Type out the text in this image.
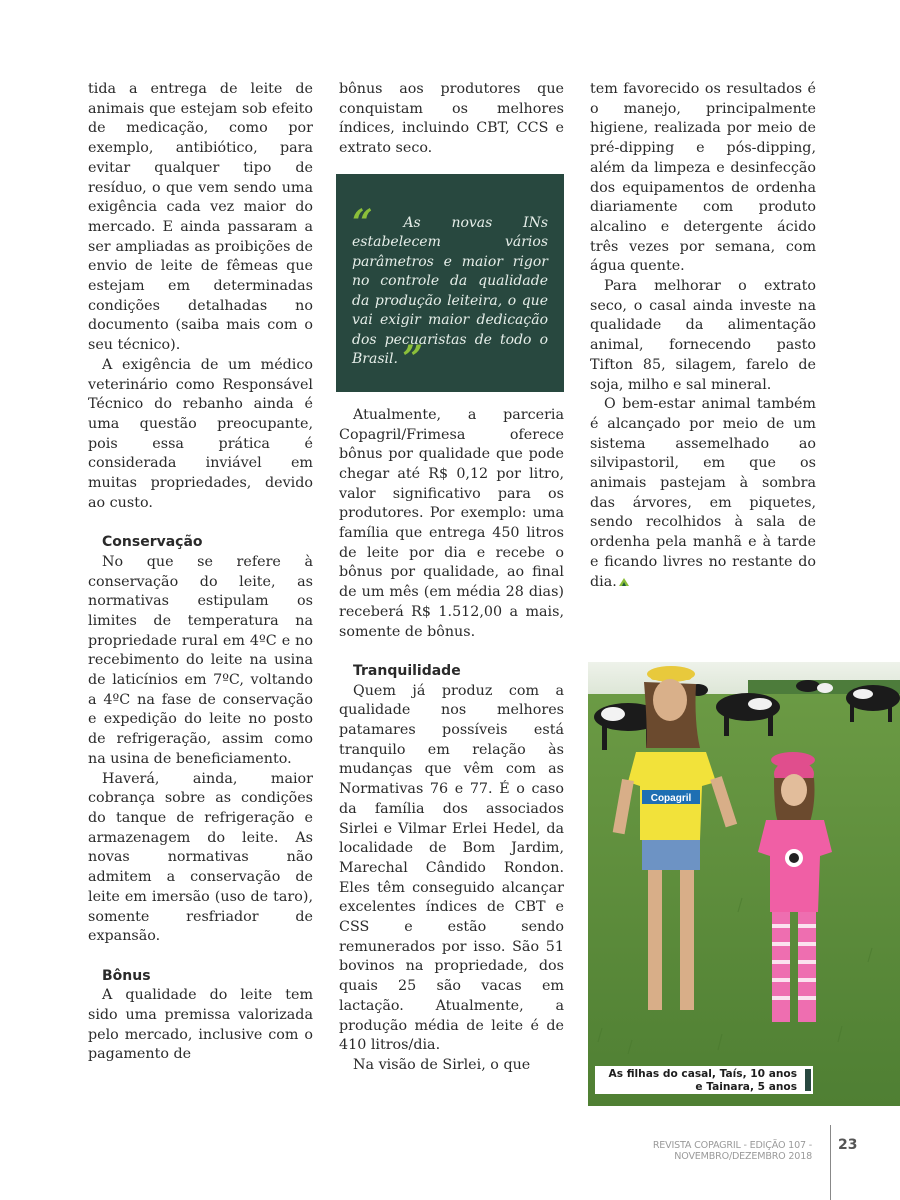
tida a entrega de leite de animais que estejam sob efeito de medicação, como por exemplo, antibiótico, para evitar qualquer tipo de resíduo, o que vem sendo uma exigência cada vez maior do mercado. E ainda passaram a ser ampliadas as proibições de envio de leite de fêmeas que estejam em determinadas condições detalhadas no documento (saiba mais com o seu técnico).

A exigência de um médico veterinário como Responsável Técnico do rebanho ainda é uma questão preocupante, pois essa prática é considerada inviável em muitas propriedades, devido ao custo.

Conservação

No que se refere à conservação do leite, as normativas estipulam os limites de temperatura na propriedade rural em 4ºC e no recebimento do leite na usina de laticínios em 7ºC, voltando a 4ºC na fase de conservação e expedição do leite no posto de refrigeração, assim como na usina de beneficiamento.

Haverá, ainda, maior cobrança sobre as condições do tanque de refrigeração e armazenagem do leite. As novas normativas não admitem a conservação de leite em imersão (uso de taro), somente resfriador de expansão.

Bônus

A qualidade do leite tem sido uma premissa valorizada pelo mercado, inclusive com o pagamento de

bônus aos produtores que conquistam os melhores índices, incluindo CBT, CCS e extrato seco.

“ As novas INs estabelecem vários parâmetros e maior rigor no controle da qualidade da produção leiteira, o que vai exigir maior dedicação dos pecuaristas de todo o Brasil. ”

Atualmente, a parceria Copagril/Frimesa oferece bônus por qualidade que pode chegar até R$ 0,12 por litro, valor significativo para os produtores. Por exemplo: uma família que entrega 450 litros de leite por dia e recebe o bônus por qualidade, ao final de um mês (em média 28 dias) receberá R$ 1.512,00 a mais, somente de bônus.

Tranquilidade

Quem já produz com a qualidade nos melhores patamares possíveis está tranquilo em relação às mudanças que vêm com as Normativas 76 e 77. É o caso da família dos associados Sirlei e Vilmar Erlei Hedel, da localidade de Bom Jardim, Marechal Cândido Rondon. Eles têm conseguido alcançar excelentes índices de CBT e CSS e estão sendo remunerados por isso. São 51 bovinos na propriedade, dos quais 25 são vacas em lactação. Atualmente, a produção média de leite é de 410 litros/dia.

Na visão de Sirlei, o que

tem favorecido os resultados é o manejo, principalmente higiene, realizada por meio de pré-dipping e pós-dipping, além da limpeza e desinfecção dos equipamentos de ordenha diariamente com produto alcalino e detergente ácido três vezes por semana, com água quente.

Para melhorar o extrato seco, o casal ainda investe na qualidade da alimentação animal, fornecendo pasto Tifton 85, silagem, farelo de soja, milho e sal mineral.

O bem-estar animal também é alcançado por meio de um sistema assemelhado ao silvipastoril, em que os animais pastejam à sombra das árvores, em piquetes, sendo recolhidos à sala de ordenha pela manhã e à tarde e ficando livres no restante do dia.

Copagril
As filhas do casal, Taís, 10 anos e Tainara, 5 anos
REVISTA COPAGRIL - EDIÇÃO 107 - NOVEMBRO/DEZEMBRO 2018
23
